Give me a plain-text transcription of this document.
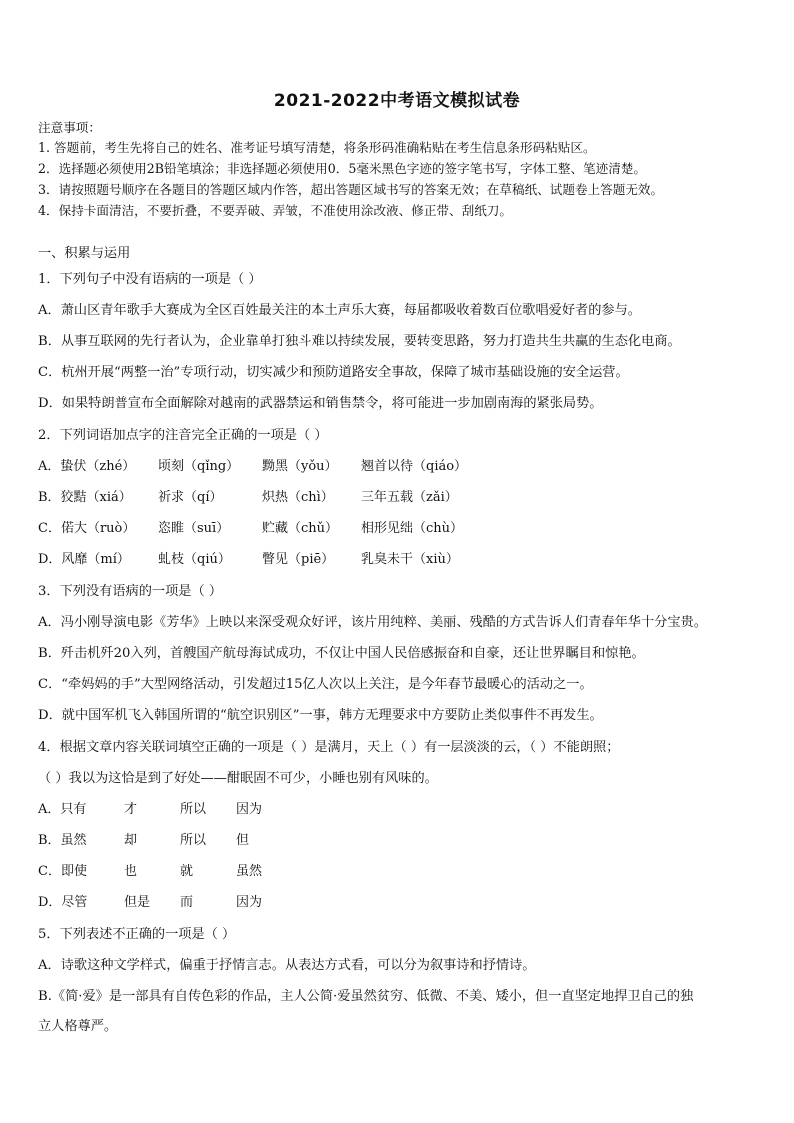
2021-2022中考语文模拟试卷
注意事项：
1. 答题前，考生先将自己的姓名、准考证号填写清楚，将条形码准确粘贴在考生信息条形码粘贴区。
2．选择题必须使用2B铅笔填涂；非选择题必须使用0．5毫米黑色字迹的签字笔书写，字体工整、笔迹清楚。
3．请按照题号顺序在各题目的答题区域内作答，超出答题区域书写的答案无效；在草稿纸、试题卷上答题无效。
4．保持卡面清洁，不要折叠，不要弄破、弄皱，不准使用涂改液、修正带、刮纸刀。
一、积累与运用
1．下列句子中没有语病的一项是（ ）
A．萧山区青年歌手大赛成为全区百姓最关注的本土声乐大赛，每届都吸收着数百位歌唱爱好者的参与。
B．从事互联网的先行者认为，企业靠单打独斗难以持续发展，要转变思路，努力打造共生共赢的生态化电商。
C．杭州开展“两整一治”专项行动，切实减少和预防道路安全事故，保障了城市基础设施的安全运营。
D．如果特朗普宣布全面解除对越南的武器禁运和销售禁令，将可能进一步加剧南海的紧张局势。
2．下列词语加点字的注音完全正确的一项是（ ）
A．蛰伏（zhé） 顷刻（qǐng） 黝黑（yǒu） 翘首以待（qiáo）
B．狡黠（xiá） 祈求（qí）	炽热（chì） 三年五载（zǎi）
C．偌大（ruò） 恣睢（suī）	贮藏（chǔ） 相形见绌（chù）
D．风靡（mí） 虬枝（qiú） 瞥见（piē） 乳臭未干（xiù）
3．下列没有语病的一项是（ ）
A．冯小刚导演电影《芳华》上映以来深受观众好评，该片用纯粹、美丽、残酷的方式告诉人们青春年华十分宝贵。
B．歼击机歼20入列，首艘国产航母海试成功，不仅让中国人民倍感振奋和自豪，还让世界瞩目和惊艳。
C．“牵妈妈的手”大型网络活动，引发超过15亿人次以上关注，是今年春节最暖心的活动之一。
D．就中国军机飞入韩国所谓的“航空识别区”一事，韩方无理要求中方要防止类似事件不再发生。
4．根据文章内容关联词填空正确的一项是（ ）是满月，天上（ ）有一层淡淡的云，（ ）不能朗照；
（ ）我以为这恰是到了好处——酣眠固不可少，小睡也别有风味的。
A．只有	才	所以 因为
B．虽然	却	所以 但
C．即使	也	就	虽然
D．尽管	但是 而	因为
5．下列表述不正确的一项是（ ）
A．诗歌这种文学样式，偏重于抒情言志。从表达方式看，可以分为叙事诗和抒情诗。
B.《简·爱》是一部具有自传色彩的作品，主人公简·爱虽然贫穷、低微、不美、矮小，但一直坚定地捍卫自己的独
立人格尊严。
